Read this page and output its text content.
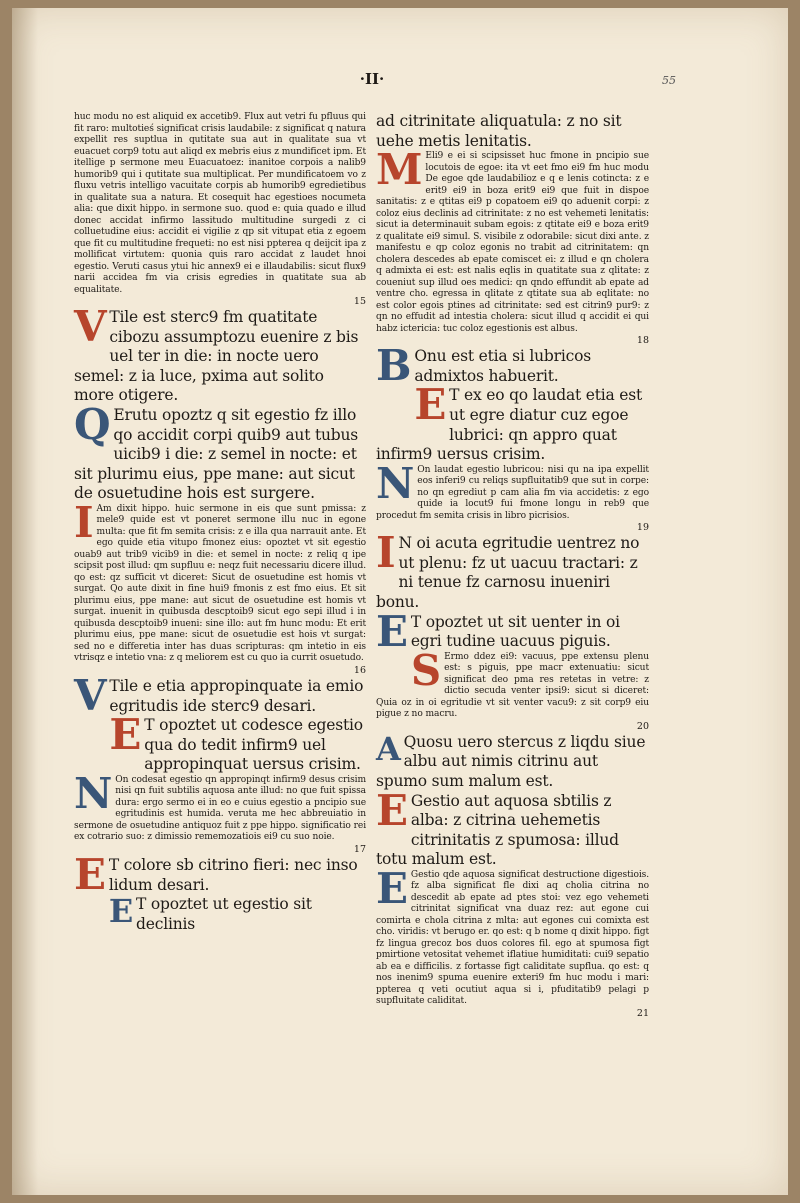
·II·	55
huc modu no est aliquid ex accetib9. Flux aut vetri fu pfluus qui fit raro: multotieś significat crisis laudabile: z significat q natura expellit res suptlua in qutitate sua aut in qualitate sua vt euacuet corp9 totu aut aliqd ex mebris eius z mundificet ipm. Et itellige p sermone meu Euacuatoez: inanitoe corpois a nalib9 humorib9 qui i qutitate sua multiplicat. Per mundificatoem vo z fluxu vetris intelligo vacuitate corpis ab humorib9 egredietibus in qualitate sua a natura. Et cosequit hac egestioes nocumeta alia: que dixit hippo. in sermone suo. quod e: quia quado e illud donec accidat infirmo lassitudo multitudine surgedi z ci colluetudine eius: accidit ei vigilie z qp sit vitupat etia z egoem que fit cu multitudine frequeti: no est nisi ppterea q deijcit ipa z mollificat virtutem: quonia quis raro accidat z laudet hnoi egestio. Veruti casus ytui hic annex9 ei e illaudabilis: sicut flux9 narii accidea fm via crisis egredies in quatitate sua ab equalitate.
15
V Tile est sterc9 fm quatitate cibozu assumptozu euenire z bis uel ter in die: in nocte uero semel: z ia luce, pxima aut solito more otigere.
Q Erutu opoztz q sit egestio fz illo qo accidit corpi quib9 aut tubus uicib9 i die: z semel in nocte: et sit plurimu eius, ppe mane: aut sicut de osuetudine hois est surgere.
I Am dixit hippo. huic sermone in eis que sunt pmissa: z mele9 quide est vt poneret sermone illu nuc in egone multa: que fit fm semita crisis: z e illa qua narrauit ante. Et ego quide etia vitupo fmonez eius: opoztet vt sit egestio ouab9 aut trib9 vicib9 in die: et semel in nocte: z reliq q ipe scipsit post illud: qm supfluu e: neqz fuit necessariu dicere illud. qo est: qz sufficit vt diceret: Sicut de osuetudine est homis vt surgat. Qo aute dixit in fine hui9 fmonis z est fmo eius. Et sit plurimu eius, ppe mane: aut sicut de osuetudine est homis vt surgat. inuenit in quibusda descptoib9 sicut ego sepi illud i in quibusda descptoib9 inueni: sine illo: aut fm hunc modu: Et erit plurimu eius, ppe mane: sicut de osuetudie est hois vt surgat: sed no e differetia inter has duas scripturas: qm intetio in eis vtrisqz e intetio vna: z q meliorem est cu quo ia currit osuetudo.
16
V Tile e etia appropinquate ia emio egritudis ide sterc9 desari.
E T opoztet ut codesce egestio qua do tedit infirm9 uel appropinquat uersus crisim.
N On codesat egestio qn appropinqt infirm9 desus crisim nisi qn fuit subtilis aquosa ante illud: no que fuit spissa dura: ergo sermo ei in eo e cuius egestio a pncipio sue egritudinis est humida. veruta me hec abbreuiatio in sermone de osuetudine antiquoz fuit z ppe hippo. significatio rei ex cotrario suo: z dimissio rememozatiois ei9 cu suo noie.
17
E T colore sb citrino fieri: nec inso lidum desari.
E T opoztet ut egestio sit declinis
ad citrinitate aliquatula: z no sit uehe metis lenitatis.
M Eli9 e ei si scipsisset huc fmone in pncipio sue locutois de egoe: ita vt eet fmo ei9 fm huc modu De egoe qde laudabilioz e q e lenis cotincta: z e erit9 ei9 in boza erit9 ei9 que fuit in dispoe sanitatis: z e qtitas ei9 p copatoem ei9 qo aduenit corpi: z coloz eius declinis ad citrinitate: z no est vehemeti lenitatis: sicut ia determinauit subam egois: z qtitate ei9 e boza erit9 z qualitate ei9 simul. S. visibile z odorabile: sicut dixi ante. z manifestu e qp coloz egonis no trabit ad citrinitatem: qn cholera descedes ab epate comiscet ei: z illud e qn cholera q admixta ei est: est nalis eqlis in quatitate sua z qlitate: z coueniut sup illud oes medici: qn qndo effundit ab epate ad ventre cho. egressa in qlitate z qtitate sua ab eqlitate: no est color egois ptines ad citrinitate: sed est citrin9 pur9: z qn no effudit ad intestia cholera: sicut illud q accidit ei qui habz ictericia: tuc coloz egestionis est albus.
18
B Onu est etia si lubricos admixtos habuerit.
E T ex eo qo laudat etia est ut egre diatur cuz egoe lubrici: qn appro quat infirm9 uersus crisim.
N On laudat egestio lubricou: nisi qu na ipa expellit eos inferi9 cu reliqs supfluitatib9 que sut in corpe: no qn egrediut p cam alia fm via accidetis: z ego quide ia locut9 fui fmone longu in reb9 que procedut fm semita crisis in libro picrisios.
19
I N oi acuta egritudie uentrez no ut plenu: fz ut uacuu tractari: z ni tenue fz carnosu inueniri bonu.
E T opoztet ut sit uenter in oi egri tudine uacuus piguis.
S Ermo ddez ei9: vacuus, ppe extensu plenu est: s piguis, ppe macr extenuatiu: sicut significat deo pma res retetas in vetre: z dictio secuda venter ipsi9: sicut si diceret: Quia oz in oi egritudie vt sit venter vacu9: z sit corp9 eiu pigue z no macru.
20
A Quosu uero stercus z liqdu siue albu aut nimis citrinu aut spumo sum malum est.
E Gestio aut aquosa sbtilis z alba: z citrina uehemetis citrinitatis z spumosa: illud totu malum est.
E Gestio qde aquosa significat destructione digestiois. fz alba significat fle dixi aq cholia citrina no descedit ab epate ad ptes stoi: vez ego vehemeti citrinitat significat vna duaz rez: aut egone cui comirta e chola citrina z mlta: aut egones cui comixta est cho. viridis: vt berugo er. qo est: q b nome q dixit hippo. figt fz lingua grecoz bos duos colores fil. ego at spumosa figt pmirtione vetositat vehemet iflatiue humiditati: cui9 sepatio ab ea e difficilis. z fortasse figt caliditate supflua. qo est: q nos inenim9 spuma euenire exteri9 fm huc modu i mari: ppterea q veti ocutiut aqua si i, pfuditatib9 pelagi p supfluitate caliditat.
21
